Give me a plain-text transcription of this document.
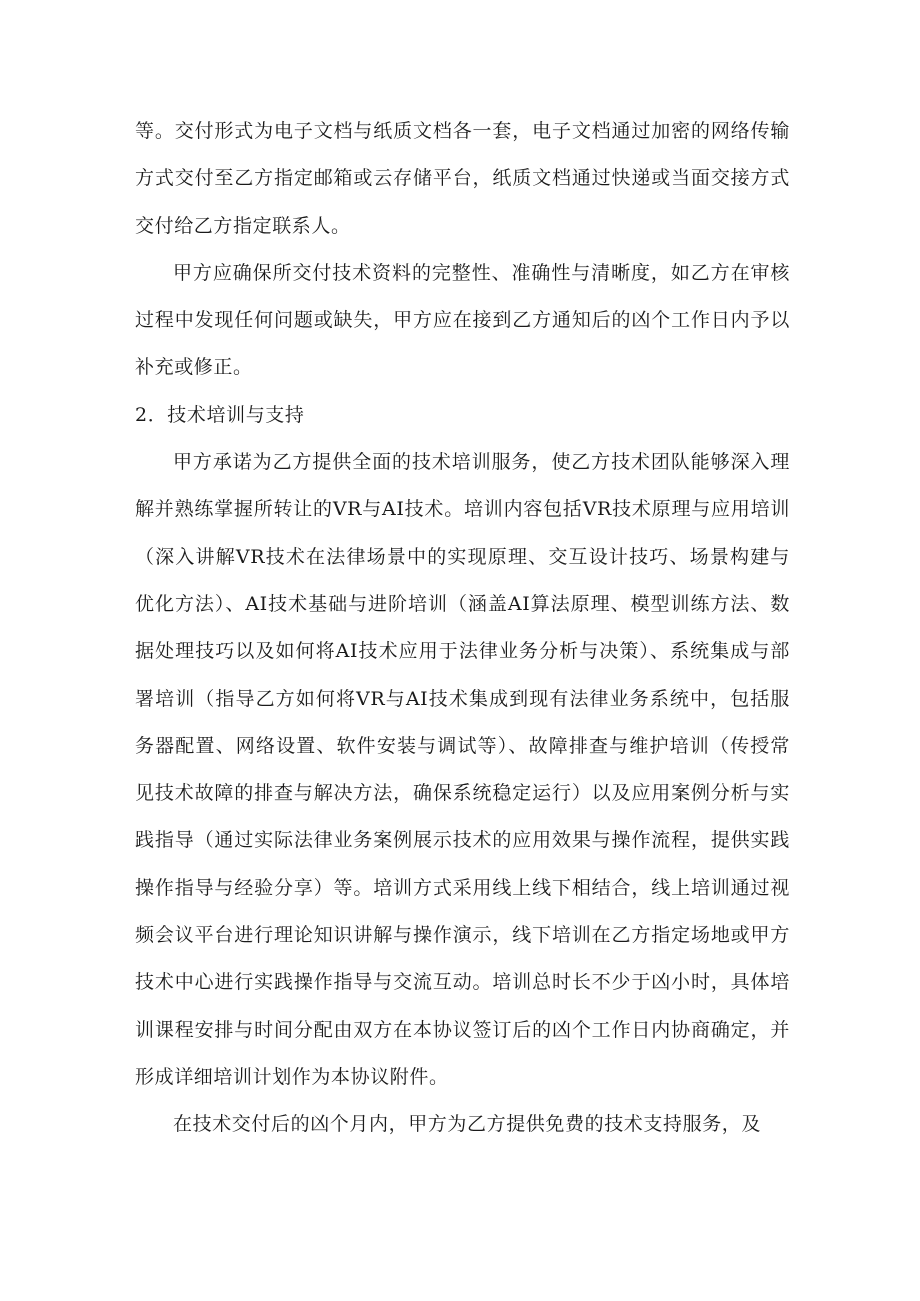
等。交付形式为电子文档与纸质文档各一套，电子文档通过加密的网络传输方式交付至乙方指定邮箱或云存储平台，纸质文档通过快递或当面交接方式交付给乙方指定联系人。

甲方应确保所交付技术资料的完整性、准确性与清晰度，如乙方在审核过程中发现任何问题或缺失，甲方应在接到乙方通知后的凶个工作日内予以补充或修正。

2．技术培训与支持

甲方承诺为乙方提供全面的技术培训服务，使乙方技术团队能够深入理解并熟练掌握所转让的VR与AI技术。培训内容包括VR技术原理与应用培训（深入讲解VR技术在法律场景中的实现原理、交互设计技巧、场景构建与优化方法）、AI技术基础与进阶培训（涵盖AI算法原理、模型训练方法、数据处理技巧以及如何将AI技术应用于法律业务分析与决策）、系统集成与部署培训（指导乙方如何将VR与AI技术集成到现有法律业务系统中，包括服务器配置、网络设置、软件安装与调试等）、故障排查与维护培训（传授常见技术故障的排查与解决方法，确保系统稳定运行）以及应用案例分析与实践指导（通过实际法律业务案例展示技术的应用效果与操作流程，提供实践操作指导与经验分享）等。培训方式采用线上线下相结合，线上培训通过视频会议平台进行理论知识讲解与操作演示，线下培训在乙方指定场地或甲方技术中心进行实践操作指导与交流互动。培训总时长不少于凶小时，具体培训课程安排与时间分配由双方在本协议签订后的凶个工作日内协商确定，并形成详细培训计划作为本协议附件。

在技术交付后的凶个月内，甲方为乙方提供免费的技术支持服务，及
